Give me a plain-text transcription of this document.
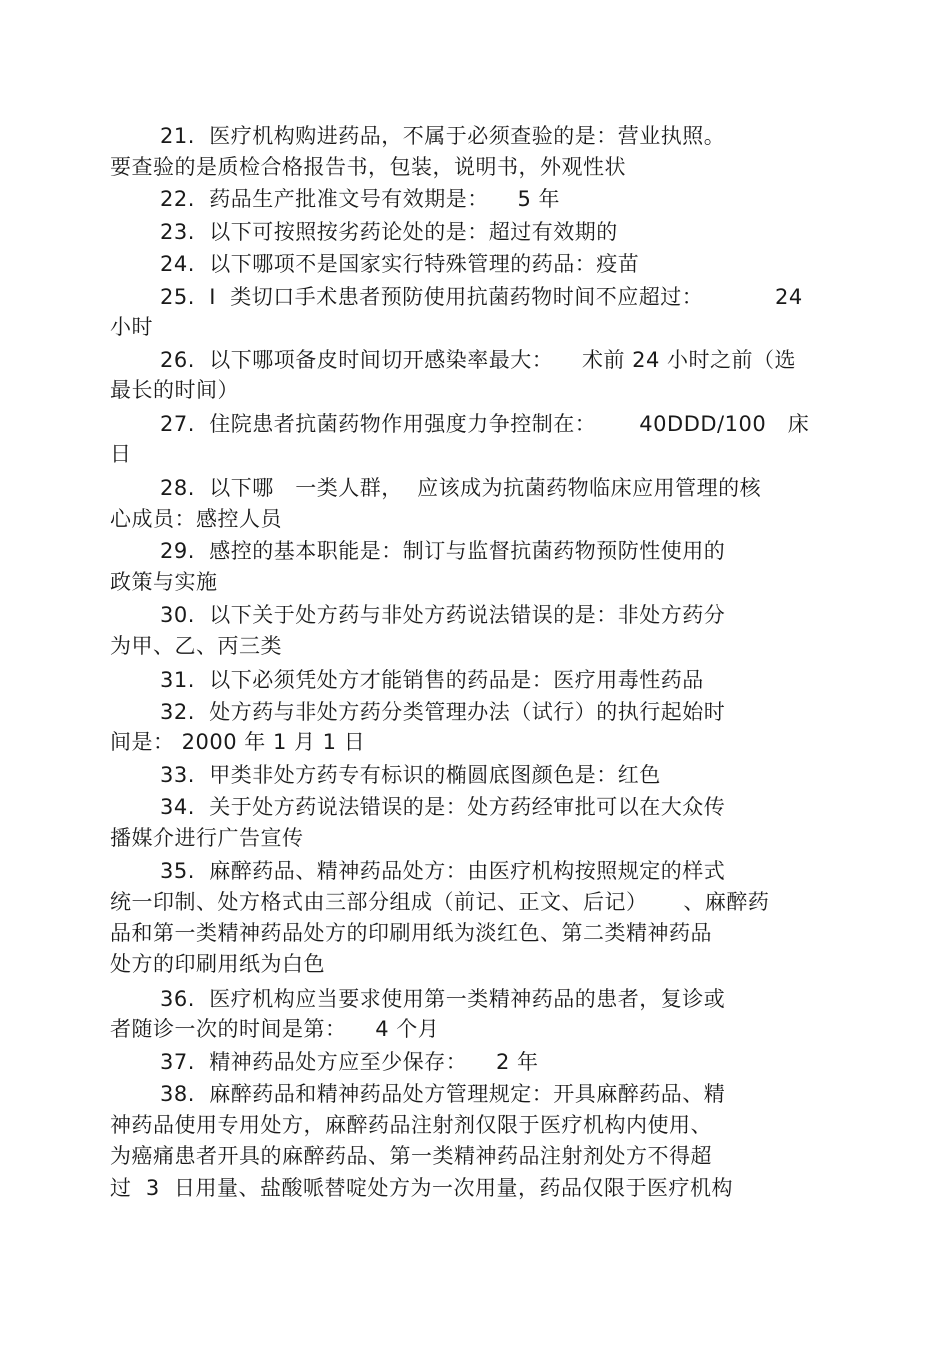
21.  医疗机构购进药品，不属于必须查验的是：营业执照。
要查验的是质检合格报告书，包装，说明书，外观性状
22.  药品生产批准文号有效期是：    5 年
23.  以下可按照按劣药论处的是：超过有效期的
24.  以下哪项不是国家实行特殊管理的药品：疫苗
25.  I  类切口手术患者预防使用抗菌药物时间不应超过：          24
小时
26.  以下哪项备皮时间切开感染率最大：    术前 24 小时之前（选
最长的时间）
27.  住院患者抗菌药物作用强度力争控制在：      40DDD/100   床
日
28.  以下哪   一类人群，  应该成为抗菌药物临床应用管理的核
心成员：感控人员
29.  感控的基本职能是：制订与监督抗菌药物预防性使用的
政策与实施
30.  以下关于处方药与非处方药说法错误的是：非处方药分
为甲、乙、丙三类
31.  以下必须凭处方才能销售的药品是：医疗用毒性药品
32.  处方药与非处方药分类管理办法（试行）的执行起始时
间是： 2000 年 1 月 1 日
33.  甲类非处方药专有标识的椭圆底图颜色是：红色
34.  关于处方药说法错误的是：处方药经审批可以在大众传
播媒介进行广告宣传
35.  麻醉药品、精神药品处方：由医疗机构按照规定的样式
统一印制、处方格式由三部分组成（前记、正文、后记）     、麻醉药
品和第一类精神药品处方的印刷用纸为淡红色、第二类精神药品
处方的印刷用纸为白色
36.  医疗机构应当要求使用第一类精神药品的患者，复诊或
者随诊一次的时间是第：    4 个月
37.  精神药品处方应至少保存：    2 年
38.  麻醉药品和精神药品处方管理规定：开具麻醉药品、精
神药品使用专用处方，麻醉药品注射剂仅限于医疗机构内使用、
为癌痛患者开具的麻醉药品、第一类精神药品注射剂处方不得超
过  3  日用量、盐酸哌替啶处方为一次用量，药品仅限于医疗机构
